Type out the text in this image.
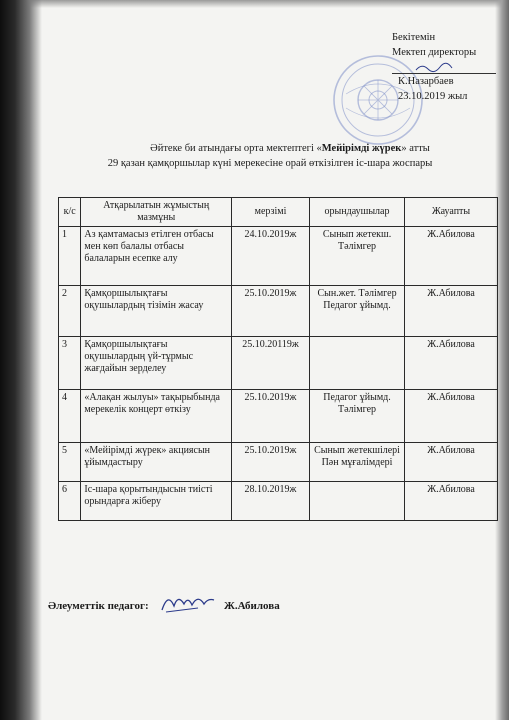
Бекітемін
Мектеп директоры
К.Назарбаев
23.10.2019 жыл
Әйтеке би атындағы орта мектептегі «Мейірімді жүрек» атты
29 қазан қамқоршылар күні мерекесіне орай өткізілген іс-шара жоспары
к/с	Атқарылатын жұмыстың мазмұны	мерзімі	орындаушылар	Жауапты
1	Аз қамтамасыз етілген отбасы мен көп балалы отбасы балаларын есепке алу	24.10.2019ж	Сынып жетекш. Тәлімгер	Ж.Абилова
2	Қамқоршылықтағы оқушылардың тізімін жасау	25.10.2019ж	Сын.жет. Тәлімгер Педагог ұйымд.	Ж.Абилова
3	Қамқоршылықтағы оқушылардың үй-тұрмыс жағдайын зерделеу	25.10.20119ж		Ж.Абилова
4	«Алақан жылуы» тақырыбында мерекелік концерт өткізу	25.10.2019ж	Педагог ұйымд. Тәлімгер	Ж.Абилова
5	«Мейірімді жүрек» акциясын ұйымдастыру	25.10.2019ж	Сынып жетекшілері Пән мұғалімдері	Ж.Абилова
6	Іс-шара қорытындысын тиісті орындарға жіберу	28.10.2019ж		Ж.Абилова
Әлеуметтік педагог:	Ж.Абилова
